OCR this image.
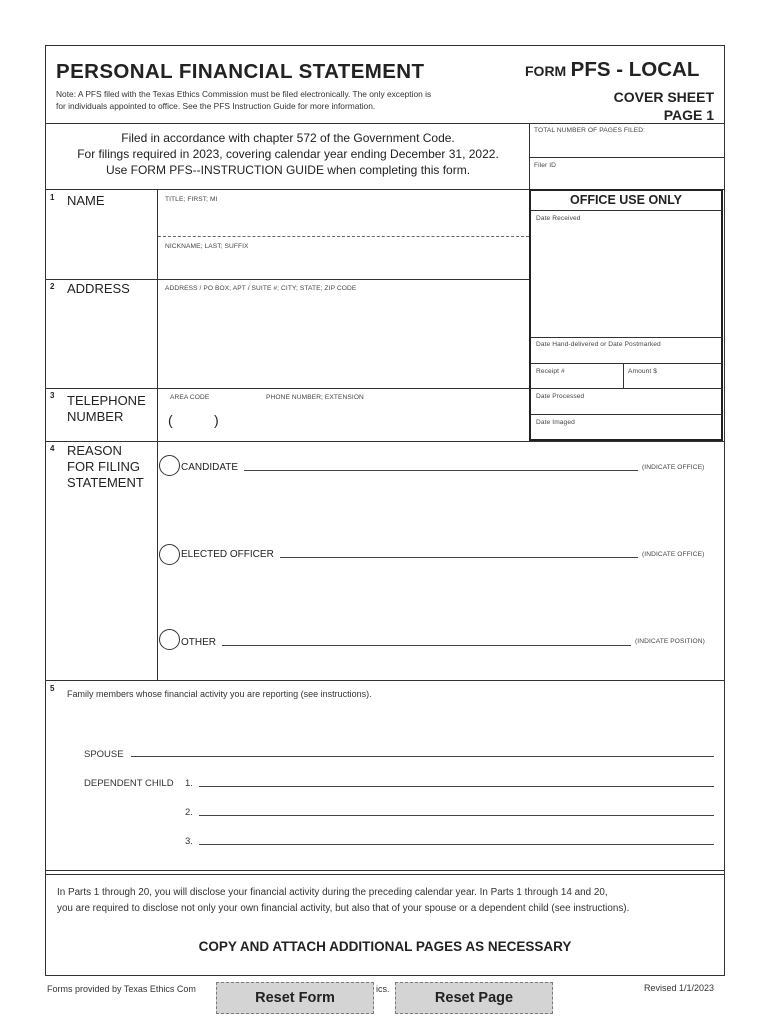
PERSONAL FINANCIAL STATEMENT
Note: A PFS filed with the Texas Ethics Commission must be filed electronically. The only exception is
for individuals appointed to office. See the PFS Instruction Guide for more information.
FORM PFS - LOCAL
COVER SHEET
PAGE 1
Filed in accordance with chapter 572 of the Government Code.
For filings required in 2023, covering calendar year ending December 31, 2022.
Use FORM PFS--INSTRUCTION GUIDE when completing this form.
TOTAL NUMBER OF PAGES FILED:
Filer ID
1 NAME	TITLE; FIRST; MI
NICKNAME; LAST; SUFFIX
2 ADDRESS	ADDRESS / PO BOX; APT / SUITE #; CITY; STATE; ZIP CODE
3 TELEPHONE
NUMBER
AREA CODE	PHONE NUMBER; EXTENSION
(	)
OFFICE USE ONLY
Date Received
Date Hand-delivered or Date Postmarked
Receipt #	Amount $
Date Processed
Date Imaged
4 REASON
FOR FILING
STATEMENT
CANDIDATE	(INDICATE OFFICE)
ELECTED OFFICER	(INDICATE OFFICE)
OTHER	(INDICATE POSITION)
5
Family members whose financial activity you are reporting (see instructions).
SPOUSE
DEPENDENT CHILD 1.
2.
3.
In Parts 1 through 20, you will disclose your financial activity during the preceding calendar year. In Parts 1 through 14 and 20,
you are required to disclose not only your own financial activity, but also that of your spouse or a dependent child (see instructions).
COPY AND ATTACH ADDITIONAL PAGES AS NECESSARY
Forms provided by Texas Ethics Com	ics.	Revised 1/1/2023
Reset Form	Reset Page
